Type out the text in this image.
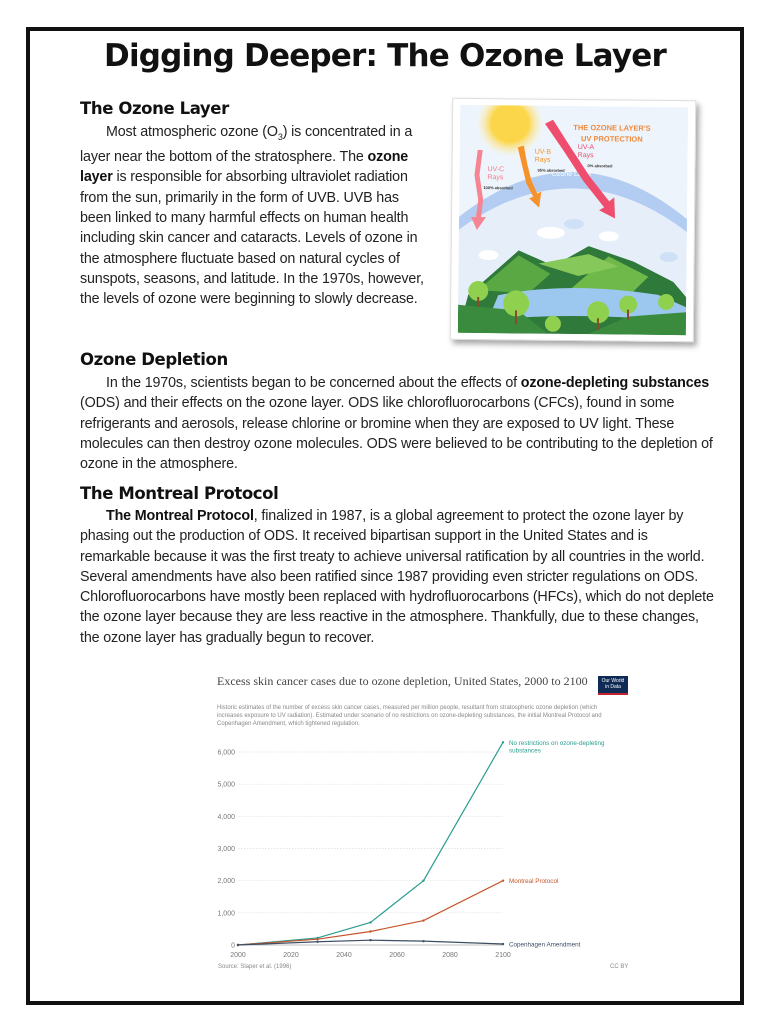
Digging Deeper: The Ozone Layer
The Ozone Layer
Most atmospheric ozone $(O_3)$ is concentrated in a layer near the bottom of the stratosphere. The ozone layer is responsible for absorbing ultraviolet radiation from the sun, primarily in the form of UVB. UVB has been linked to many harmful effects on human health including skin cancer and cataracts. Levels of ozone in the atmosphere fluctuate based on natural cycles of sunspots, seasons, and latitude. In the 1970s, however, the levels of ozone were beginning to slowly decrease.
Ozone Layer
THE OZONE LAYER'S
UV PROTECTION
UV-C
Rays
100% absorbed
UV-B
Rays
95% absorbed
UV-A
Rays
0% absorbed
Ozone Depletion
In the 1970s, scientists began to be concerned about the effects of ozone-depleting substances (ODS) and their effects on the ozone layer. ODS like chlorofluorocarbons (CFCs), found in some refrigerants and aerosols, release chlorine or bromine when they are exposed to UV light. These molecules can then destroy ozone molecules. ODS were believed to be contributing to the depletion of ozone in the atmosphere.
The Montreal Protocol
The Montreal Protocol, finalized in 1987, is a global agreement to protect the ozone layer by phasing out the production of ODS. It received bipartisan support in the United States and is remarkable because it was the first treaty to achieve universal ratification by all countries in the world. Several amendments have also been ratified since 1987 providing even stricter regulations on ODS. Chlorofluorocarbons have mostly been replaced with hydrofluorocarbons (HFCs), which do not deplete the ozone layer because they are less reactive in the atmosphere. Thankfully, due to these changes, the ozone layer has gradually begun to recover.
Excess skin cancer cases due to ozone depletion, United States, 2000 to 2100
Historic estimates of the number of excess skin cancer cases, measured per million people, resultant from stratospheric ozone depletion (which increases exposure to UV radiation). Estimated under scenario of no restrictions on ozone-depleting substances, the initial Montreal Protocol and Copenhagen Amendment, which tightened regulation.
Our World
in Data
0
1,000
2,000
3,000
4,000
5,000
6,000
2000	2020	2040	2060	2080	2100
No restrictions on ozone-depleting
substances
Montreal Protocol
Copenhagen Amendment
Source: Slaper et al. (1996)	CC BY
